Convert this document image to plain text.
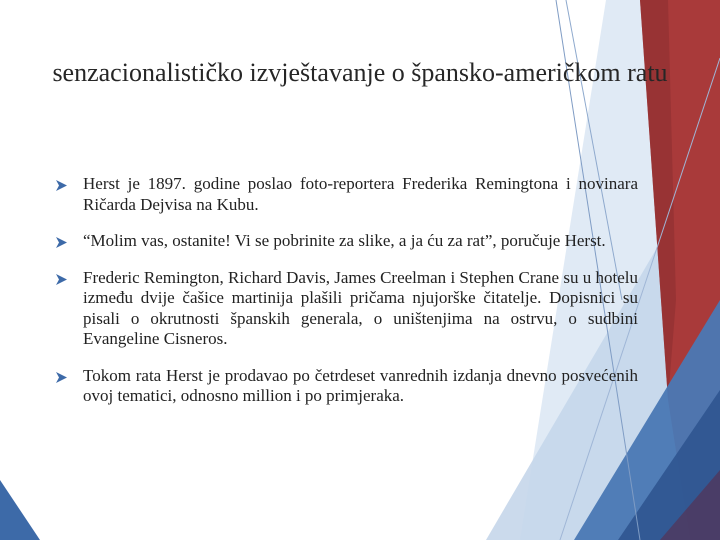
senzacionalističko izvještavanje o špansko-američkom ratu
Herst je 1897. godine poslao foto-reportera Frederika Remingtona i novinara Ričarda Dejvisa na Kubu.
“Molim vas, ostanite! Vi se pobrinite za slike, a ja ću za rat”, poručuje Herst.
Frederic Remington, Richard Davis, James Creelman i Stephen Crane su u hotelu između dvije čašice martinija plašili pričama njujorške čitatelje. Dopisnici su pisali o okrutnosti španskih generala, o uništenjima na ostrvu, o sudbini Evangeline Cisneros.
Tokom rata Herst je prodavao po četrdeset vanrednih izdanja dnevno posvećenih ovoj tematici, odnosno million i po primjeraka.
